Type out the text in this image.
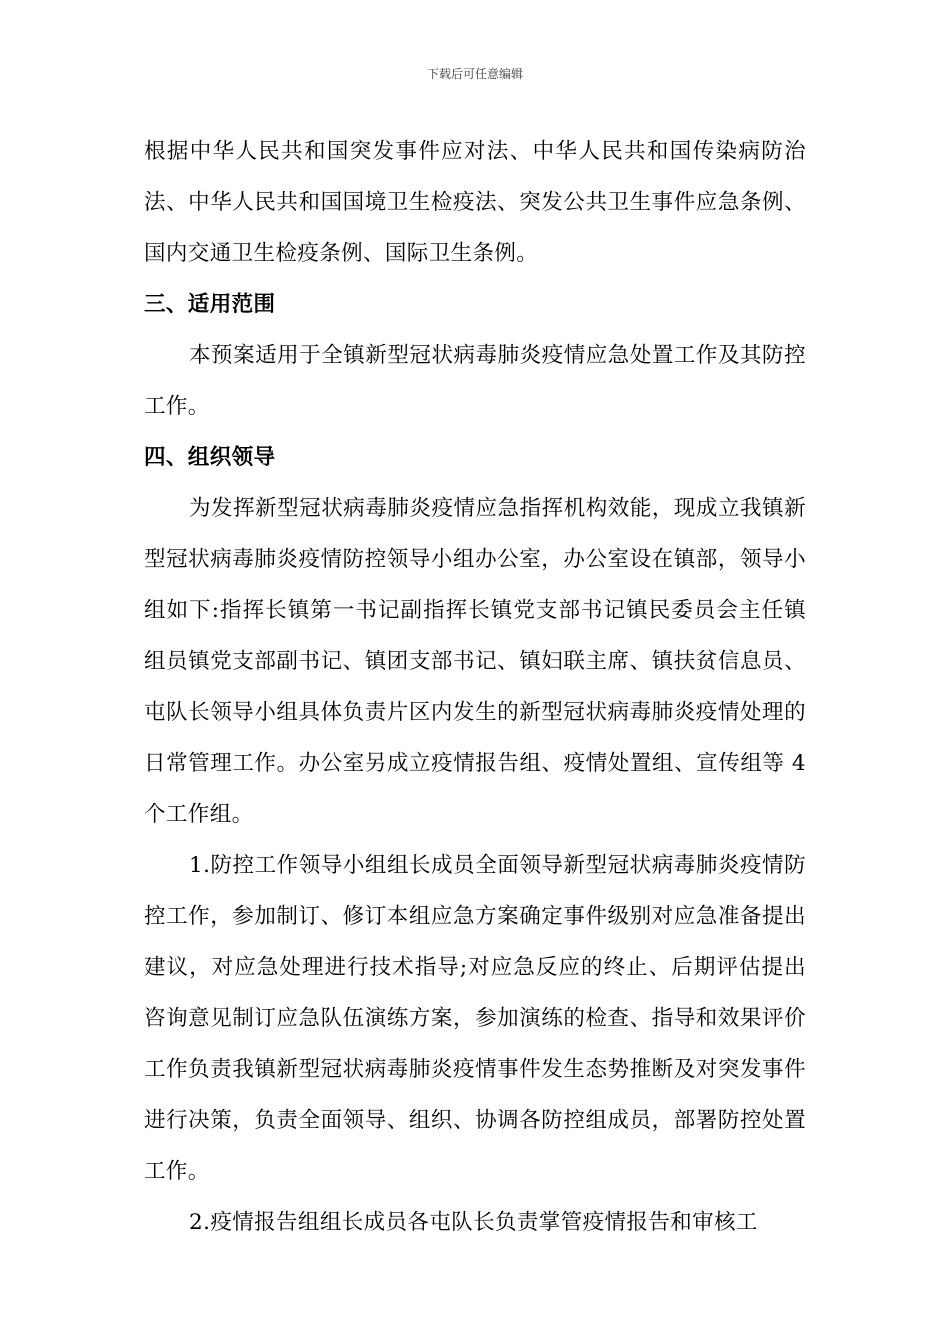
下载后可任意编辑

根据中华人民共和国突发事件应对法、中华人民共和国传染病防治法、中华人民共和国国境卫生检疫法、突发公共卫生事件应急条例、国内交通卫生检疫条例、国际卫生条例。

三、适用范围

本预案适用于全镇新型冠状病毒肺炎疫情应急处置工作及其防控工作。

四、组织领导

为发挥新型冠状病毒肺炎疫情应急指挥机构效能，现成立我镇新型冠状病毒肺炎疫情防控领导小组办公室，办公室设在镇部，领导小组如下:指挥长镇第一书记副指挥长镇党支部书记镇民委员会主任镇组员镇党支部副书记、镇团支部书记、镇妇联主席、镇扶贫信息员、屯队长领导小组具体负责片区内发生的新型冠状病毒肺炎疫情处理的日常管理工作。办公室另成立疫情报告组、疫情处置组、宣传组等 4 个工作组。

1.防控工作领导小组组长成员全面领导新型冠状病毒肺炎疫情防控工作，参加制订、修订本组应急方案确定事件级别对应急准备提出建议，对应急处理进行技术指导;对应急反应的终止、后期评估提出咨询意见制订应急队伍演练方案，参加演练的检查、指导和效果评价工作负责我镇新型冠状病毒肺炎疫情事件发生态势推断及对突发事件进行决策，负责全面领导、组织、协调各防控组成员，部署防控处置工作。

2.疫情报告组组长成员各屯队长负责掌管疫情报告和审核工
